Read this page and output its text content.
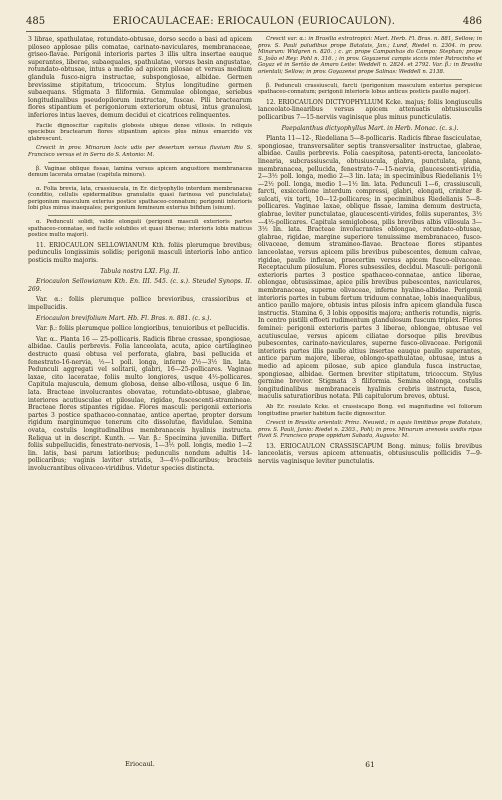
485	ERIOCAULACEAE: ERIOCAULON (EURIOCAULON).	486

3 librae, spathulatae, rotundato-obtusae, dorso secdo a basi ad apicem piloseo applosae pilis comatae, carinato-naviculares, membranaceae, griseo-flavae. Perigonii interioris partes 3 illis ultra insertae eauque superantes, liberae, subaequales, spathulatae, versus basin angustatae, rotundato-obtusae, intus a medio ad apicem pilosae et versus medium glandula fusco-nigra instructae, subspongiosae, albidae. Germen brevissime stipitatum, tricoccum. Stylus longitudine germen subaequans. Stigmata 3 filiformia. Gemmulae oblongae, seriebus longitudinalibus pseudopilorum instructae, fuscae. Pili bractearum flores stipantium et perigoniorum exteriorum obtusi, intus granulosi, inferiores intus laeves, demum decidui et cicatrices relinquentes.

Facile dignoscitur capitulis globosis ubique dense villosis. In reliquis speciebus bractearum flores stipantium apices plus minus emarcido vix glabrescunt.

Crescit in prov. Minarum locis udis per desertum versus fluvium Rio S. Francisco versus et in Serra do S. Antonio: M.

β. Vaginae oblique fissae, lamina versus apicem angustiore membranacea demum lacerata ornatae (capitula minora).

α. Folia brevia, lata, crassiuscula, in Er. dictyophyllo interdum membranacea (conditio, cellulis epidermalibus granulatis quasi farinosa vel punctulata); perigonium masculum exterius postice spathaceo-connatum; perigonii interioris lobi plus minus inaequales; perigonium femineum exterius bifidum (sinum).

α. Pedunculi solidi, valde elongati (perigonii masculi exterioris partes spathaceo-connatae, sed facile solubiles et quasi liberae; interioris lobis maticus postice multo majori).

11. ERIOCAULON SELLOWIANUM Kth. foliis plerumque brevibus; pedunculis longissimis solidis; perigonii masculi interioris lobo antico posticis multo majoris.

Tabula nostra LXI. Fig. II.

Eriocaulon Sellowianum Kth. En. III. 545. (c. s.). Steudel Synops. II. 269.

Var. α.: foliis plerumque pollice brevioribus, crassioribus et impellucidis.

Eriocaulon brevifolium Mart. Hb. Fl. Bras. n. 881. (c. s.).

Var. β.: foliis plerumque pollice longioribus, tenuioribus et pellucidis.

Var. α.. Planta 16 — 25-pollicaris. Radicis fibrae crassae, spongiosae, albidae. Caulis perbrevis. Folia lanceolata, acuta, apice cartilagineo destructo quasi obtusa vel perforata, glabra, basi pellucida et fenestrato-16-nervia, ½—1 poll. longa, inferne 2½—3½ lin. lata. Pedunculi aggregati vel solitarii, glabri, 16—25-pollicares. Vaginae laxae, cito laceratae, foliis multo longiores, usque 4½-pollicares. Capitula majuscula, demum globosa, dense albo-villosa, usque 6 lin. lata. Bracteae involucrantes obovatae, rotundato-obtusae, glabrae, interiores acutiusculae et pilosulae, rigidae, fuscescenti-stramineae. Bracteae flores stipantes rigidae. Flores masculi: perigonii exterioris partes 3 postice spathaceo-connatae, antice apertae, propter dorsum rigidum marginumque tenerum cito dissolutae, flavidulae. Semina ovata, costulis longitudinalibus membranaceis hyalinis instructa. Reliqua ut in descript. Kunth. — Var. β.: Specimina juvenilia. Differt foliis subpellucidis, fenestrato-nervosis, 1—3½ poll. longis, medio 1—2 lin. latis, basi parum latioribus; pedunculis nondum adultis 14-pollicaribus; vaginis laviter striatis, 3—4½-pollicaribus; bracteis involucrantibus olivaceo-viridibus. Videtur species distincta.

Crescit var. α.: in Brasilia extratropici: Mart. Herb. Fl. Bras. n. 881, Sellow; in prov. S. Pauli paludibus prope Batatais, Jan.; Lund, Riedel n. 2304. in prov. Minarum: Widgren n. 820. ; c. gr. prope Campanhas do Campo: Stephan; prope S. João el Rey: Pohl n. 316. ; in prov. Goyazensi campis siccis inter Patrocinho et Goyaz et in Sertão de Amaro Leite: Weddell n. 2824. et 2792. Var. β.: in Brasilia orientali; Sellow; in prov. Goyazensi prope Salinas: Weddell n. 2138.

β. Pedunculi crassiusculi, farcti (perigonium masculum exterius perspicue spathaceo-connatum; perigonii interioris lobus anticus posticis paullo major).

12. ERIOCAULON DICTYOPHYLLUM Kcke. majus; foliis longiusculis lanceolato-linearibus versus apicem attenuatis obtusiusculis pollicaribus 7—15-nerviis vaginisque plus minus puncticulatis.

Paepalanthus dictyophyllus Mart. in Herb. Monac. (c. s.).

Planta 11—12-, Riedeliana 5—8-pollicaris. Radicis fibrae fasciculatae, spongiosae, transversaliter septis transversaliter instructae, glabrae, albidae. Caulis perbrevis. Folia caespitosa, patenti-erecta, lanceolato-linearia, subcrassiuscula, obtusiuscula, glabra, punctulata, plana, membranacea, pellucida, fenestrato-7—15-nervia, glaucescenti-viridia, 2—3½ poll. longa, medio 2—3 lin. lata; in speciminibus Riedelianis 1½—2½ poll. longa, medio 1—1½ lin. lata. Pedunculi 1—6, crassiusculi, farcti, exsiccatione interdum compressi, glabri, elongati, criniter 8-sulcati, vix torti, 10—12-pollicares; in speciminibus Riedelianis 5—8-pollicares. Vaginae laxae, oblique fissae, lamina demum destructa, glabrae, leviter punctulatae, glaucescenti-virides, foliis superantes, 3½—4½-pollicares. Capitula semiglobosa, pilis brevibus albis villosula 3—3½ lin. lata. Bracteae involucrantes oblongae, rotundato-obtusae, glabrae, rigidae, margine superiore tenuissime membranaceo, fusco-olivaceae, demum stramineo-flavae. Bracteae flores stipantes lanceolatae, versus apicem pilis brevibus pubescentes, demum calvae, rigidae, paullo inflexae, praecertim versus apicem fusco-olivaceae. Receptaculum pilosulum. Flores subsessiles, decidui. Masculi: perigonii exterioris partes 3 postice spathaceo-connatae, antice liberae, oblongae, obtusissimae, apice pilis brevibus pubescentes, naviculares, membranaceae, superne olivaceae, inferne hyalino-albidae. Perigonii interioris partes in tubum fertum triduum connatae, lobis inaequalibus, antico paullo majore, obtusis intus pilosis infra apicem glandula fusca instructis. Stamina 6, 3 lobis oppositis majora; antheris rotundis, nigris. In centro pistilli effoeti rudimentum glandulosum fuscum triplex. Flores feminei: perigonii exterioris partes 3 liberae, oblongae, obtusae vel acutiusculae, versus apicem ciliatae dorsoque pilis brevibus pubescentes, carinato-naviculares, superne fusco-olivaceae. Perigonii interioris partes illis paullo altius insertae eauque paullo superantes, antice parum majore, liberae, oblongo-spathulatae, obtusae, intus a medio ad apicem pilosae, sub apice glandula fusca instructae, spongiosae, albidae. Germen breviter stipitatum, tricoccum. Stylus germine brevior. Stigmata 3 filiformia. Semina oblonga, costulis longitudinalibus membranaceis hyalinis crebris instructa, fusca, maculis saturatioribus notata. Pili capitulorum breves, obtusi.

Ab Er. rosulato Kcke. et crassiscapo Bong. vel magnitudine vel foliorum longitudine praeter habitum facile dignoscitur.

Crescit in Brasilia orientali: Prinz. Neuwid.; in aquis limitibus prope Batatais, prov. S. Pauli, Janio: Riedel n. 2303., Pohl; in prov. Minarum arenosis uvidis ripas fluvii S. Francisco prope oppidum Sabada, Augusto: M.

13. ERIOCAULON CRASSISCAPUM Bong. minus; foliis brevibus lanceolatis, versus apicem attenuatis, obtusiusculis pollicidis 7—9-nerviis vaginisque leviter punctulatis.

Eriocaul.	61
